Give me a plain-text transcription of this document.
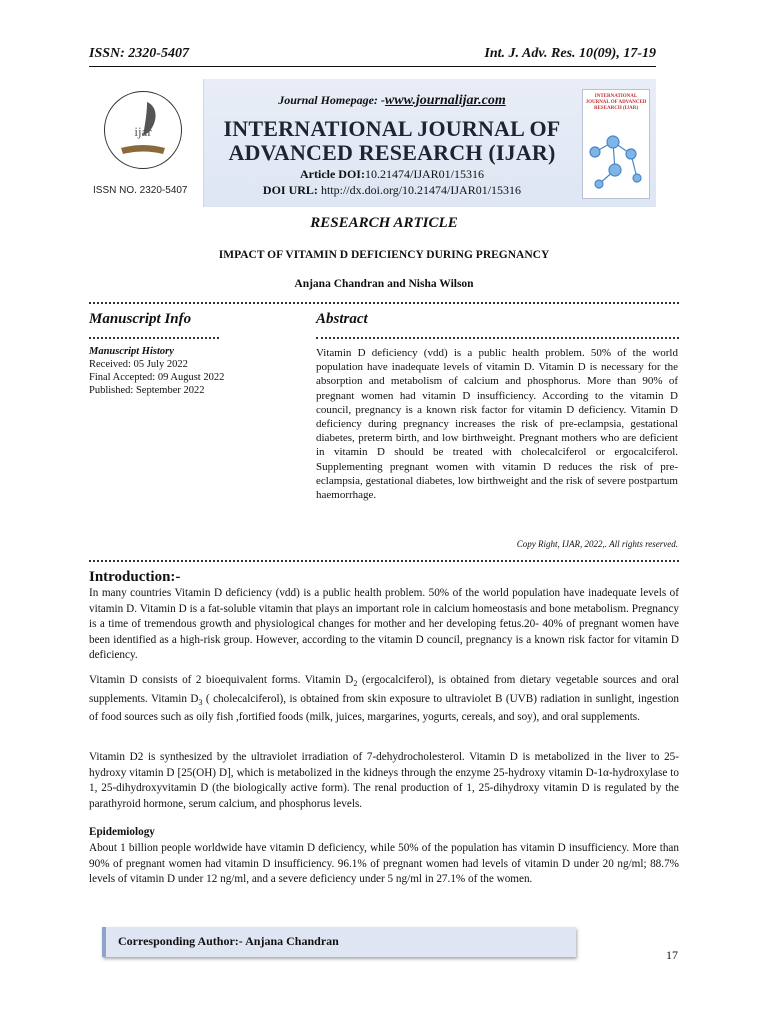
ISSN: 2320-5407	Int. J. Adv. Res. 10(09), 17-19
ijar
ISSN NO. 2320-5407
Journal Homepage: -www.journalijar.com
INTERNATIONAL JOURNAL OF
ADVANCED RESEARCH (IJAR)
Article DOI:10.21474/IJAR01/15316
DOI URL: http://dx.doi.org/10.21474/IJAR01/15316
INTERNATIONAL JOURNAL OF ADVANCED RESEARCH (IJAR)
RESEARCH ARTICLE
IMPACT OF VITAMIN D DEFICIENCY DURING PREGNANCY
Anjana Chandran and Nisha Wilson
Manuscript Info	Abstract
Manuscript History
Received: 05 July 2022
Final Accepted: 09 August 2022
Published: September 2022
Vitamin D deficiency (vdd) is a public health problem. 50% of the world population have inadequate levels of vitamin D. Vitamin D is necessary for the absorption and metabolism of calcium and phosphorus. More than 90% of pregnant women had vitamin D insufficiency. According to the vitamin D council, pregnancy is a known risk factor for vitamin D deficiency. Vitamin D deficiency during pregnancy increases the risk of pre-eclampsia, gestational diabetes, preterm birth, and low birthweight. Pregnant mothers who are deficient in vitamin D should be treated with cholecalciferol or ergocalciferol. Supplementing pregnant women with vitamin D reduces the risk of pre-eclampsia, gestational diabetes, low birthweight and the risk of severe postpartum haemorrhage.
Copy Right, IJAR, 2022,. All rights reserved.
Introduction:-

In many countries Vitamin D deficiency (vdd) is a public health problem. 50% of the world population have inadequate levels of vitamin D. Vitamin D is a fat-soluble vitamin that plays an important role in calcium homeostasis and bone metabolism. Pregnancy is a time of tremendous growth and physiological changes for mother and her developing fetus.20- 40% of pregnant women have been identified as a high-risk group. However, according to the vitamin D council, pregnancy is a known risk factor for vitamin D deficiency.

Vitamin D consists of 2 bioequivalent forms. Vitamin $D_2$ (ergocalciferol), is obtained from dietary vegetable sources and oral supplements. Vitamin $D_3$ ( cholecalciferol), is obtained from skin exposure to ultraviolet B (UVB) radiation in sunlight, ingestion of food sources such as oily fish ,fortified foods (milk, juices, margarines, yogurts, cereals, and soy), and oral supplements.

Vitamin D2 is synthesized by the ultraviolet irradiation of 7-dehydrocholesterol. Vitamin D is metabolized in the liver to 25-hydroxy vitamin D [25(OH) D], which is metabolized in the kidneys through the enzyme 25-hydroxy vitamin D-1α-hydroxylase to 1, 25-dihydroxyvitamin D (the biologically active form). The renal production of 1, 25-dihydroxy vitamin D is regulated by the parathyroid hormone, serum calcium, and phosphorus levels.

Epidemiology

About 1 billion people worldwide have vitamin D deficiency, while 50% of the population has vitamin D insufficiency. More than 90% of pregnant women had vitamin D insufficiency. 96.1% of pregnant women had levels of vitamin D under 20 ng/ml; 88.7% levels of vitamin D under 12 ng/ml, and a severe deficiency under 5 ng/ml in 27.1% of the women.

Corresponding Author:- Anjana Chandran
17
